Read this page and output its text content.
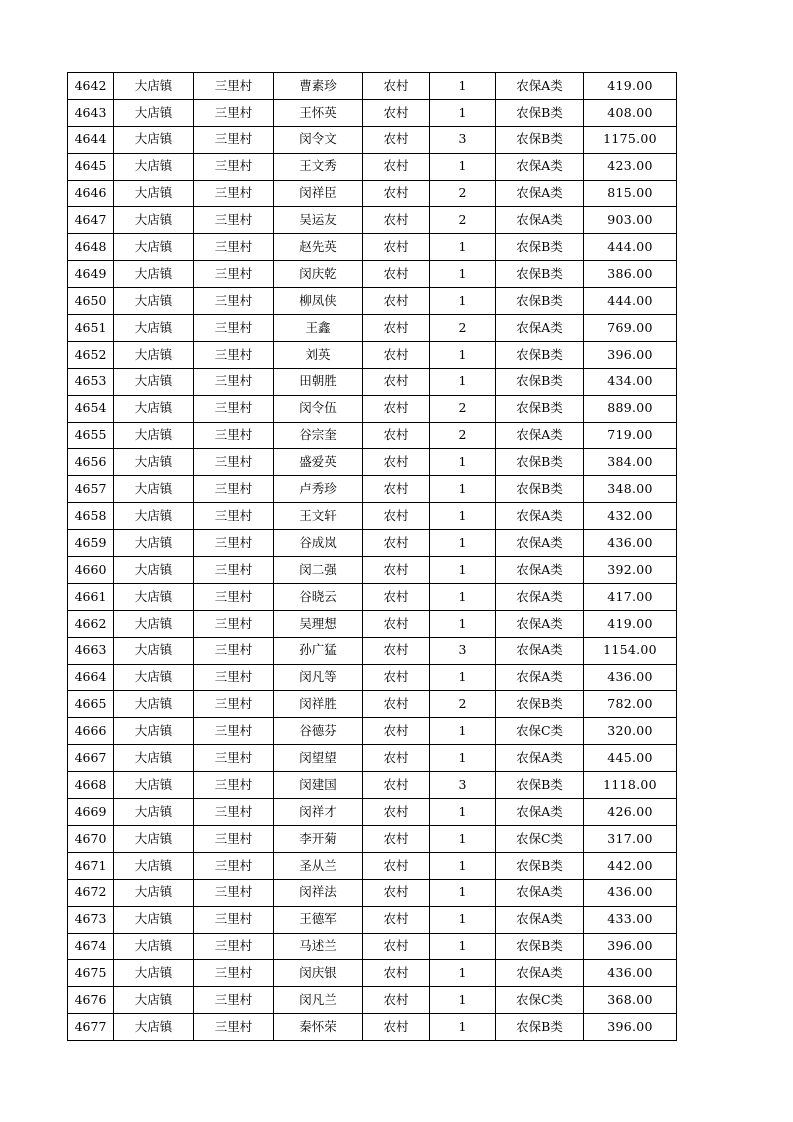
4642	大店镇	三里村	曹素珍	农村	1	农保A类	419.00
4643	大店镇	三里村	王怀英	农村	1	农保B类	408.00
4644	大店镇	三里村	闵令文	农村	3	农保B类	1175.00
4645	大店镇	三里村	王文秀	农村	1	农保A类	423.00
4646	大店镇	三里村	闵祥臣	农村	2	农保A类	815.00
4647	大店镇	三里村	吴运友	农村	2	农保A类	903.00
4648	大店镇	三里村	赵先英	农村	1	农保B类	444.00
4649	大店镇	三里村	闵庆乾	农村	1	农保B类	386.00
4650	大店镇	三里村	柳凤侠	农村	1	农保B类	444.00
4651	大店镇	三里村	王鑫	农村	2	农保A类	769.00
4652	大店镇	三里村	刘英	农村	1	农保B类	396.00
4653	大店镇	三里村	田朝胜	农村	1	农保B类	434.00
4654	大店镇	三里村	闵令伍	农村	2	农保B类	889.00
4655	大店镇	三里村	谷宗奎	农村	2	农保A类	719.00
4656	大店镇	三里村	盛爱英	农村	1	农保B类	384.00
4657	大店镇	三里村	卢秀珍	农村	1	农保B类	348.00
4658	大店镇	三里村	王文轩	农村	1	农保A类	432.00
4659	大店镇	三里村	谷成岚	农村	1	农保A类	436.00
4660	大店镇	三里村	闵二强	农村	1	农保A类	392.00
4661	大店镇	三里村	谷晓云	农村	1	农保A类	417.00
4662	大店镇	三里村	吴理想	农村	1	农保A类	419.00
4663	大店镇	三里村	孙广猛	农村	3	农保A类	1154.00
4664	大店镇	三里村	闵凡等	农村	1	农保A类	436.00
4665	大店镇	三里村	闵祥胜	农村	2	农保B类	782.00
4666	大店镇	三里村	谷德芬	农村	1	农保C类	320.00
4667	大店镇	三里村	闵望望	农村	1	农保A类	445.00
4668	大店镇	三里村	闵建国	农村	3	农保B类	1118.00
4669	大店镇	三里村	闵祥才	农村	1	农保A类	426.00
4670	大店镇	三里村	李开菊	农村	1	农保C类	317.00
4671	大店镇	三里村	圣从兰	农村	1	农保B类	442.00
4672	大店镇	三里村	闵祥法	农村	1	农保A类	436.00
4673	大店镇	三里村	王德军	农村	1	农保A类	433.00
4674	大店镇	三里村	马述兰	农村	1	农保B类	396.00
4675	大店镇	三里村	闵庆银	农村	1	农保A类	436.00
4676	大店镇	三里村	闵凡兰	农村	1	农保C类	368.00
4677	大店镇	三里村	秦怀荣	农村	1	农保B类	396.00
